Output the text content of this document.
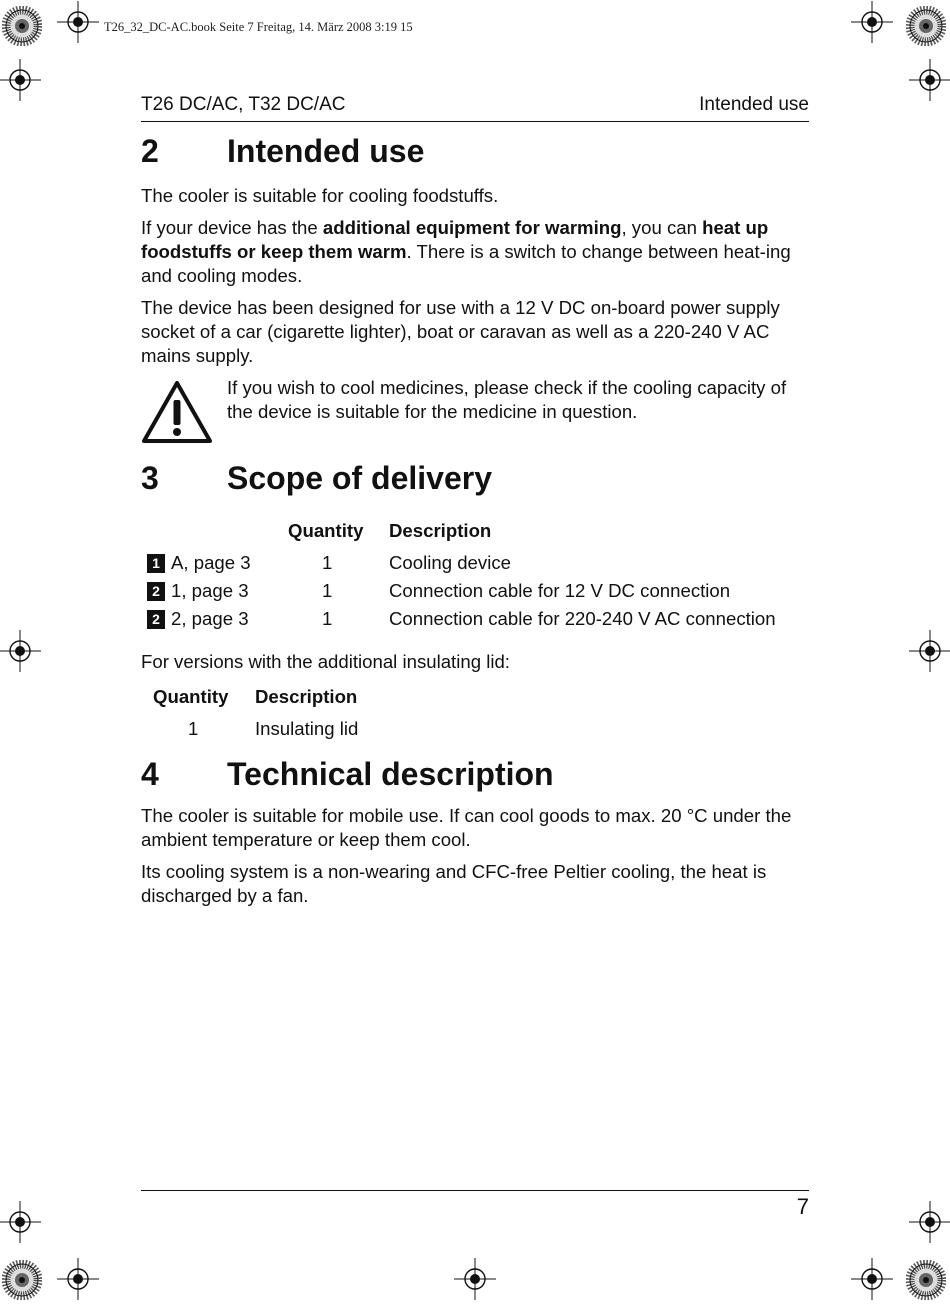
T26_32_DC-AC.book Seite 7 Freitag, 14. März 2008 3:19 15
T26 DC/AC, T32 DC/AC	Intended use
2 Intended use
The cooler is suitable for cooling foodstuffs.
If your device has the additional equipment for warming, you can heat up foodstuffs or keep them warm. There is a switch to change between heat-ing and cooling modes.
The device has been designed for use with a 12 V DC on-board power supply socket of a car (cigarette lighter), boat or caravan as well as a 220-240 V AC mains supply.
If you wish to cool medicines, please check if the cooling capacity of the device is suitable for the medicine in question.
3 Scope of delivery
Quantity Description
1 A, page 3	1	Cooling device
2 1, page 3	1	Connection cable for 12 V DC connection
2 2, page 3	1	Connection cable for 220-240 V AC connection
For versions with the additional insulating lid:
Quantity Description
1	Insulating lid
4 Technical description
The cooler is suitable for mobile use. If can cool goods to max. 20 °C under the ambient temperature or keep them cool.
Its cooling system is a non-wearing and CFC-free Peltier cooling, the heat is discharged by a fan.
7
